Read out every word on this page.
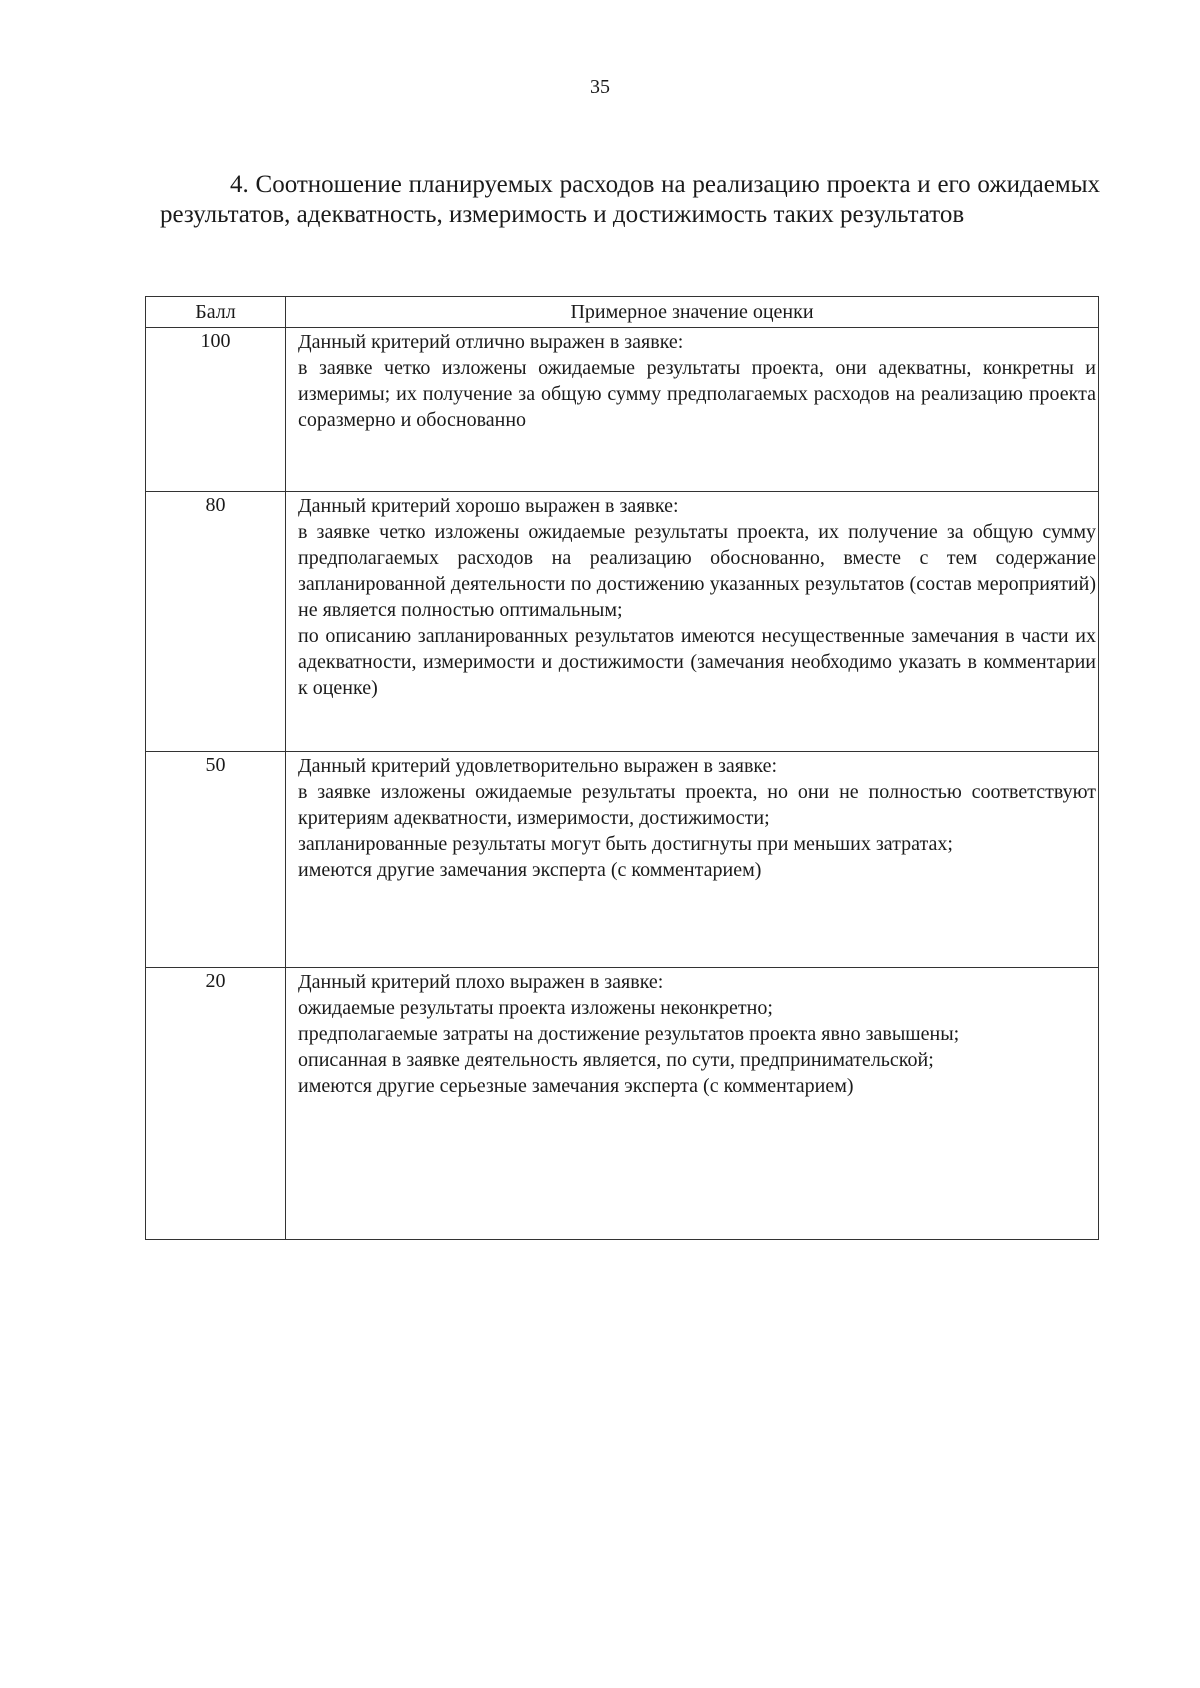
35
4. Соотношение планируемых расходов на реализацию проекта и его ожидаемых результатов, адекватность, измеримость и достижимость таких результатов
Балл	Примерное значение оценки
100	Данный критерий отлично выражен в заявке:

в заявке четко изложены ожидаемые результаты проекта, они адекватны, конкретны и измеримы; их получение за общую сумму предполагаемых расходов на реализацию проекта соразмерно и обоснованно

80	Данный критерий хорошо выражен в заявке:

в заявке четко изложены ожидаемые результаты проекта, их получение за общую сумму предполагаемых расходов на реализацию обоснованно, вместе с тем содержание запланированной деятельности по достижению указанных результатов (состав мероприятий) не является полностью оптимальным;

по описанию запланированных результатов имеются несущественные замечания в части их адекватности, измеримости и достижимости (замечания необходимо указать в комментарии к оценке)

50	Данный критерий удовлетворительно выражен в заявке:

в заявке изложены ожидаемые результаты проекта, но они не полностью соответствуют критериям адекватности, измеримости, достижимости;

запланированные результаты могут быть достигнуты при меньших затратах;

имеются другие замечания эксперта (с комментарием)

20	Данный критерий плохо выражен в заявке:

ожидаемые результаты проекта изложены неконкретно;

предполагаемые затраты на достижение результатов проекта явно завышены;

описанная в заявке деятельность является, по сути, предпринимательской;

имеются другие серьезные замечания эксперта (с комментарием)
